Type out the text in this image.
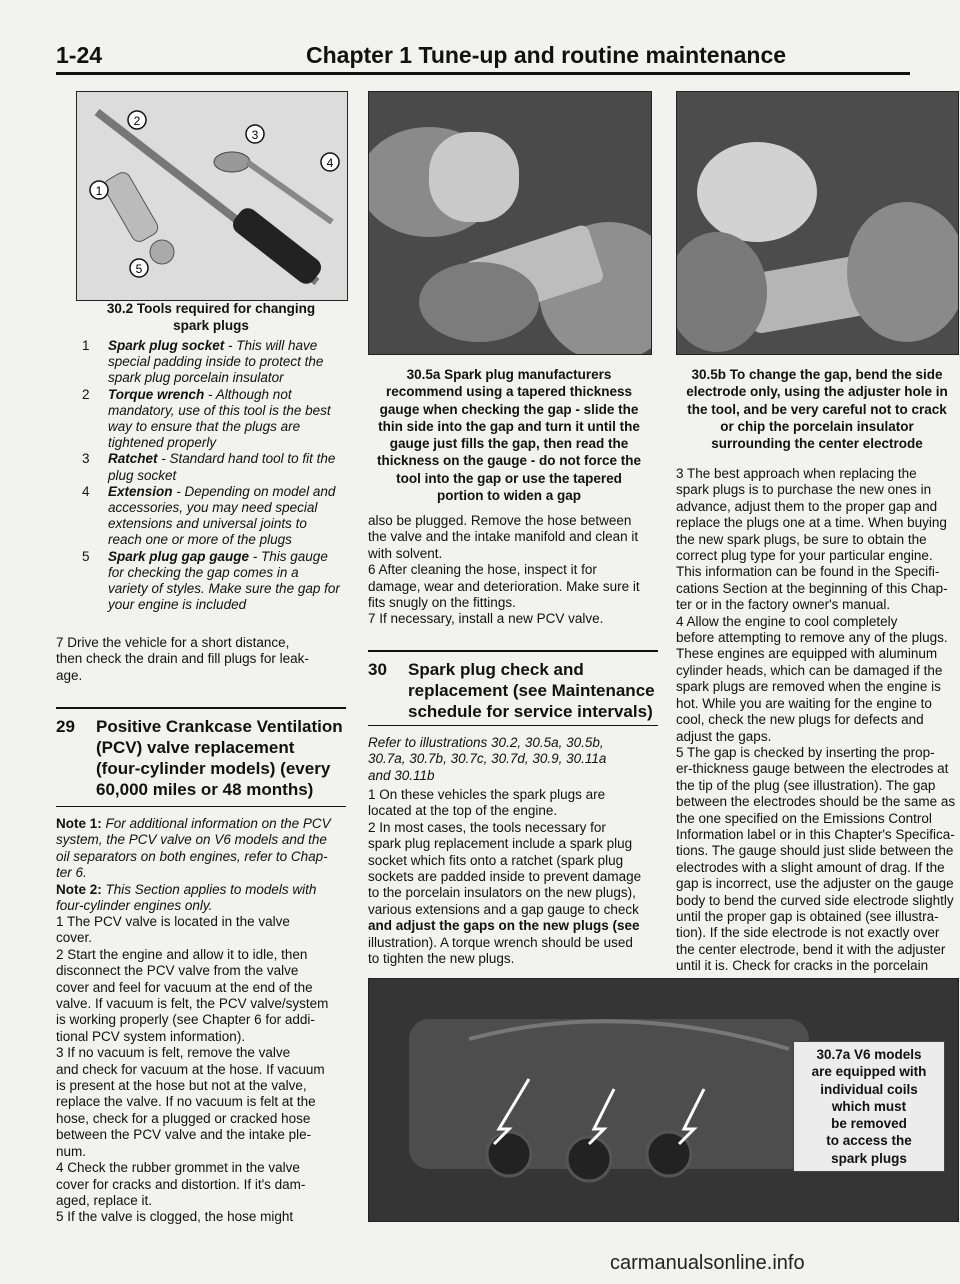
1-24	Chapter 1 Tune-up and routine maintenance
1
2
3
4
5
30.2 Tools required for changing
spark plugs
1	Spark plug socket - This will have
special padding inside to protect the
spark plug porcelain insulator
2	Torque wrench - Although not
mandatory, use of this tool is the best
way to ensure that the plugs are
tightened properly
3	Ratchet - Standard hand tool to fit the
plug socket
4	Extension - Depending on model and
accessories, you may need special
extensions and universal joints to
reach one or more of the plugs
5	Spark plug gap gauge - This gauge
for checking the gap comes in a
variety of styles. Make sure the gap for
your engine is included
7 Drive the vehicle for a short distance,
then check the drain and fill plugs for leak-
age.
29	Positive Crankcase Ventilation
(PCV) valve replacement
(four-cylinder models) (every
60,000 miles or 48 months)
Note 1: For additional information on the PCV
system, the PCV valve on V6 models and the
oil separators on both engines, refer to Chap-
ter 6.
Note 2: This Section applies to models with
four-cylinder engines only.
1 The PCV valve is located in the valve
cover.
2 Start the engine and allow it to idle, then
disconnect the PCV valve from the valve
cover and feel for vacuum at the end of the
valve. If vacuum is felt, the PCV valve/system
is working properly (see Chapter 6 for addi-
tional PCV system information).
3 If no vacuum is felt, remove the valve
and check for vacuum at the hose. If vacuum
is present at the hose but not at the valve,
replace the valve. If no vacuum is felt at the
hose, check for a plugged or cracked hose
between the PCV valve and the intake ple-
num.
4 Check the rubber grommet in the valve
cover for cracks and distortion. If it's dam-
aged, replace it.
5 If the valve is clogged, the hose might
30.5a Spark plug manufacturers
recommend using a tapered thickness
gauge when checking the gap - slide the
thin side into the gap and turn it until the
gauge just fills the gap, then read the
thickness on the gauge - do not force the
tool into the gap or use the tapered
portion to widen a gap
30.5b To change the gap, bend the side
electrode only, using the adjuster hole in
the tool, and be very careful not to crack
or chip the porcelain insulator
surrounding the center electrode
also be plugged. Remove the hose between
the valve and the intake manifold and clean it
with solvent.
6 After cleaning the hose, inspect it for
damage, wear and deterioration. Make sure it
fits snugly on the fittings.
7 If necessary, install a new PCV valve.
30	Spark plug check and
replacement (see Maintenance
schedule for service intervals)
Refer to illustrations 30.2, 30.5a, 30.5b,
30.7a, 30.7b, 30.7c, 30.7d, 30.9, 30.11a
and 30.11b
1 On these vehicles the spark plugs are
located at the top of the engine.
2 In most cases, the tools necessary for
spark plug replacement include a spark plug
socket which fits onto a ratchet (spark plug
sockets are padded inside to prevent damage
to the porcelain insulators on the new plugs),
various extensions and a gap gauge to check
and adjust the gaps on the new plugs (see
illustration). A torque wrench should be used
to tighten the new plugs.
3 The best approach when replacing the
spark plugs is to purchase the new ones in
advance, adjust them to the proper gap and
replace the plugs one at a time. When buying
the new spark plugs, be sure to obtain the
correct plug type for your particular engine.
This information can be found in the Specifi-
cations Section at the beginning of this Chap-
ter or in the factory owner's manual.
4 Allow the engine to cool completely
before attempting to remove any of the plugs.
These engines are equipped with aluminum
cylinder heads, which can be damaged if the
spark plugs are removed when the engine is
hot. While you are waiting for the engine to
cool, check the new plugs for defects and
adjust the gaps.
5 The gap is checked by inserting the prop-
er-thickness gauge between the electrodes at
the tip of the plug (see illustration). The gap
between the electrodes should be the same as
the one specified on the Emissions Control
Information label or in this Chapter's Specifica-
tions. The gauge should just slide between the
electrodes with a slight amount of drag. If the
gap is incorrect, use the adjuster on the gauge
body to bend the curved side electrode slightly
until the proper gap is obtained (see illustra-
tion). If the side electrode is not exactly over
the center electrode, bend it with the adjuster
until it is. Check for cracks in the porcelain
30.7a V6 models
are equipped with
individual coils
which must
be removed
to access the
spark plugs
carmanualsonline.info
